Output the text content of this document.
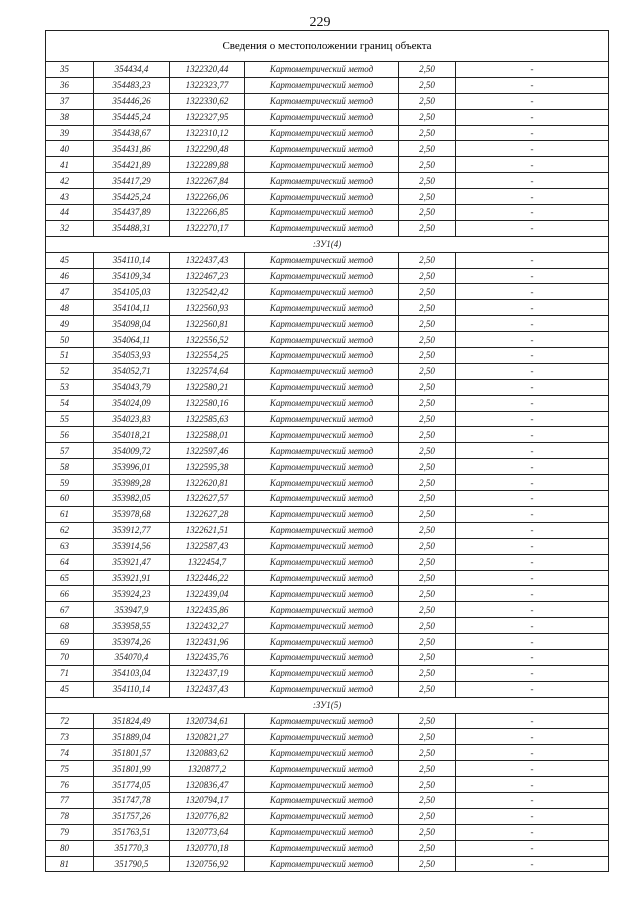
229
Сведения о местоположении границ объекта					
35	354434,4	1322320,44	Картометрический метод	2,50	-
36	354483,23	1322323,77	Картометрический метод	2,50	-
37	354446,26	1322330,62	Картометрический метод	2,50	-
38	354445,24	1322327,95	Картометрический метод	2,50	-
39	354438,67	1322310,12	Картометрический метод	2,50	-
40	354431,86	1322290,48	Картометрический метод	2,50	-
41	354421,89	1322289,88	Картометрический метод	2,50	-
42	354417,29	1322267,84	Картометрический метод	2,50	-
43	354425,24	1322266,06	Картометрический метод	2,50	-
44	354437,89	1322266,85	Картометрический метод	2,50	-
32	354488,31	1322270,17	Картометрический метод	2,50	-
:ЗУ1(4)					
45	354110,14	1322437,43	Картометрический метод	2,50	-
46	354109,34	1322467,23	Картометрический метод	2,50	-
47	354105,03	1322542,42	Картометрический метод	2,50	-
48	354104,11	1322560,93	Картометрический метод	2,50	-
49	354098,04	1322560,81	Картометрический метод	2,50	-
50	354064,11	1322556,52	Картометрический метод	2,50	-
51	354053,93	1322554,25	Картометрический метод	2,50	-
52	354052,71	1322574,64	Картометрический метод	2,50	-
53	354043,79	1322580,21	Картометрический метод	2,50	-
54	354024,09	1322580,16	Картометрический метод	2,50	-
55	354023,83	1322585,63	Картометрический метод	2,50	-
56	354018,21	1322588,01	Картометрический метод	2,50	-
57	354009,72	1322597,46	Картометрический метод	2,50	-
58	353996,01	1322595,38	Картометрический метод	2,50	-
59	353989,28	1322620,81	Картометрический метод	2,50	-
60	353982,05	1322627,57	Картометрический метод	2,50	-
61	353978,68	1322627,28	Картометрический метод	2,50	-
62	353912,77	1322621,51	Картометрический метод	2,50	-
63	353914,56	1322587,43	Картометрический метод	2,50	-
64	353921,47	1322454,7	Картометрический метод	2,50	-
65	353921,91	1322446,22	Картометрический метод	2,50	-
66	353924,23	1322439,04	Картометрический метод	2,50	-
67	353947,9	1322435,86	Картометрический метод	2,50	-
68	353958,55	1322432,27	Картометрический метод	2,50	-
69	353974,26	1322431,96	Картометрический метод	2,50	-
70	354070,4	1322435,76	Картометрический метод	2,50	-
71	354103,04	1322437,19	Картометрический метод	2,50	-
45	354110,14	1322437,43	Картометрический метод	2,50	-
:ЗУ1(5)					
72	351824,49	1320734,61	Картометрический метод	2,50	-
73	351889,04	1320821,27	Картометрический метод	2,50	-
74	351801,57	1320883,62	Картометрический метод	2,50	-
75	351801,99	1320877,2	Картометрический метод	2,50	-
76	351774,05	1320836,47	Картометрический метод	2,50	-
77	351747,78	1320794,17	Картометрический метод	2,50	-
78	351757,26	1320776,82	Картометрический метод	2,50	-
79	351763,51	1320773,64	Картометрический метод	2,50	-
80	351770,3	1320770,18	Картометрический метод	2,50	-
81	351790,5	1320756,92	Картометрический метод	2,50	-
